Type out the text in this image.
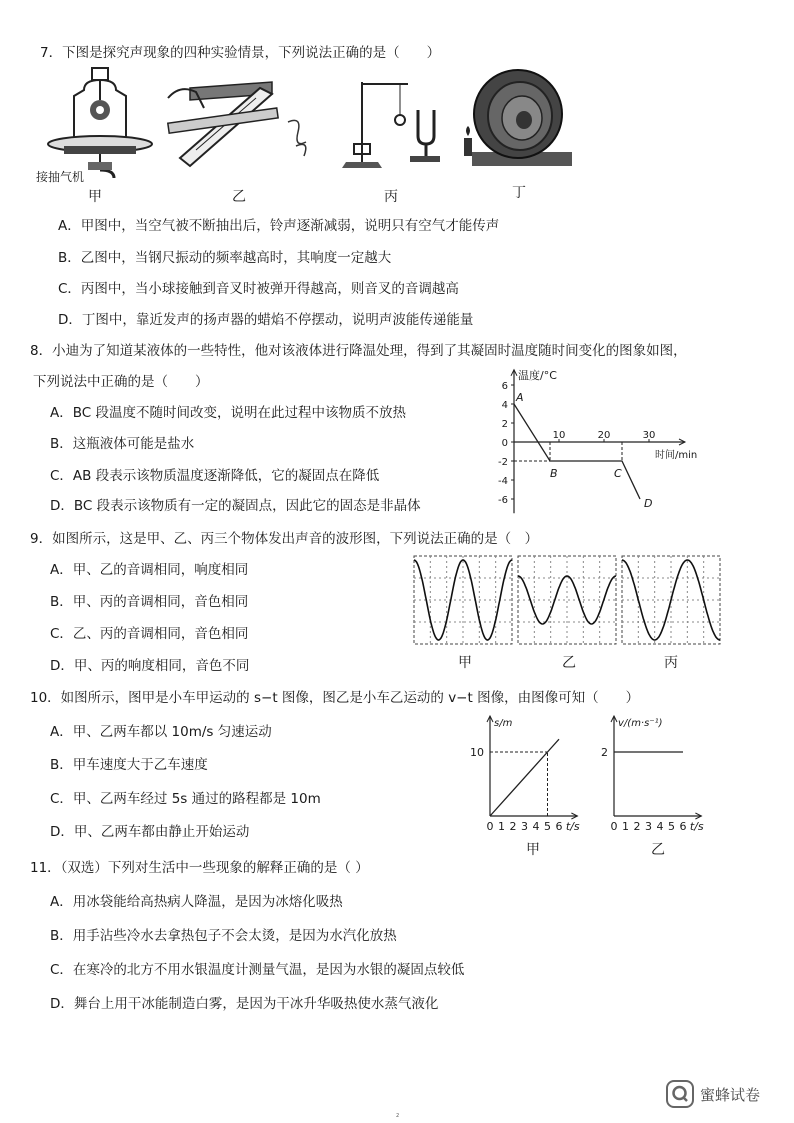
7．下图是探究声现象的四种实验情景，下列说法正确的是（　　）
接抽气机
甲	乙	丙	丁
A．甲图中，当空气被不断抽出后，铃声逐渐减弱，说明只有空气才能传声
B．乙图中，当钢尺振动的频率越高时，其响度一定越大
C．丙图中，当小球接触到音叉时被弹开得越高，则音叉的音调越高
D．丁图中，靠近发声的扬声器的蜡焰不停摆动，说明声波能传递能量
8．小迪为了知道某液体的一些特性，他对该液体进行降温处理，得到了其凝固时温度随时间变化的图象如图，
下列说法中正确的是（　　）
A．BC 段温度不随时间改变，说明在此过程中该物质不放热
B．这瓶液体可能是盐水
C．AB 段表示该物质温度逐渐降低，它的凝固点在降低
D．BC 段表示该物质有一定的凝固点，因此它的固态是非晶体
温度/°C
时间/min
6
4
2
0
-2
-4
-6
10	20	30
A
B	C
D
9．如图所示，这是甲、乙、丙三个物体发出声音的波形图，下列说法正确的是（　）
A．甲、乙的音调相同，响度相同
B．甲、丙的音调相同，音色相同
C．乙、丙的音调相同，音色相同
D．甲、丙的响度相同，音色不同	甲	乙	丙
10．如图所示，图甲是小车甲运动的 s−t 图像，图乙是小车乙运动的 v−t 图像，由图像可知（　　）
A．甲、乙两车都以 10m/s 匀速运动
B．甲车速度大于乙车速度
C．甲、乙两车经过 5s 通过的路程都是 10m
D．甲、乙两车都由静止开始运动
s/m
0 1 2 3 4 5 6 t/s
10
v/(m·s⁻¹)
0 1 2 3 4 5 6 t/s
2
甲	乙
11．（双选）下列对生活中一些现象的解释正确的是（ ）
A．用冰袋能给高热病人降温，是因为冰熔化吸热
B．用手沾些冷水去拿热包子不会太烫，是因为水汽化放热
C．在寒冷的北方不用水银温度计测量气温，是因为水银的凝固点较低
D．舞台上用干冰能制造白雾，是因为干冰升华吸热使水蒸气液化
蜜蜂试卷
2
